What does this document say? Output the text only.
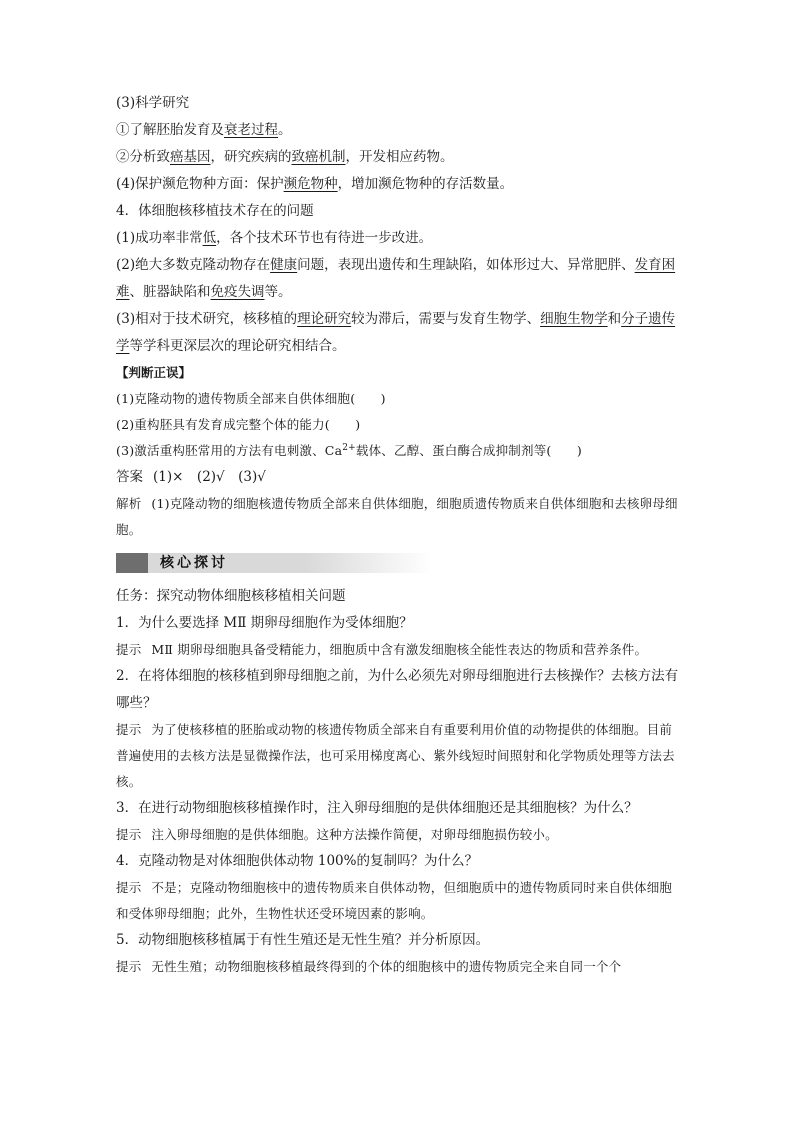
(3)科学研究
①了解胚胎发育及衰老过程。
②分析致癌基因，研究疾病的致癌机制，开发相应药物。
(4)保护濒危物种方面：保护濒危物种，增加濒危物种的存活数量。
4．体细胞核移植技术存在的问题
(1)成功率非常低，各个技术环节也有待进一步改进。
(2)绝大多数克隆动物存在健康问题，表现出遗传和生理缺陷，如体形过大、异常肥胖、发育困难、脏器缺陷和免疫失调等。
(3)相对于技术研究，核移植的理论研究较为滞后，需要与发育生物学、细胞生物学和分子遗传学等学科更深层次的理论研究相结合。
【判断正误】
(1)克隆动物的遗传物质全部来自供体细胞(　　)
(2)重构胚具有发育成完整个体的能力(　　)
(3)激活重构胚常用的方法有电刺激、$Ca^{2+}$载体、乙醇、蛋白酶合成抑制剂等(　　)
答案 (1)×　(2)√　(3)√
解析 (1)克隆动物的细胞核遗传物质全部来自供体细胞，细胞质遗传物质来自供体细胞和去核卵母细胞。
核心探讨
任务：探究动物体细胞核移植相关问题
1．为什么要选择 MⅡ 期卵母细胞作为受体细胞？
提示 MⅡ 期卵母细胞具备受精能力，细胞质中含有激发细胞核全能性表达的物质和营养条件。
2．在将体细胞的核移植到卵母细胞之前，为什么必须先对卵母细胞进行去核操作？去核方法有哪些？
提示 为了使核移植的胚胎或动物的核遗传物质全部来自有重要利用价值的动物提供的体细胞。目前普遍使用的去核方法是显微操作法，也可采用梯度离心、紫外线短时间照射和化学物质处理等方法去核。
3．在进行动物细胞核移植操作时，注入卵母细胞的是供体细胞还是其细胞核？为什么？
提示 注入卵母细胞的是供体细胞。这种方法操作简便，对卵母细胞损伤较小。
4．克隆动物是对体细胞供体动物 100%的复制吗？为什么？
提示 不是；克隆动物细胞核中的遗传物质来自供体动物，但细胞质中的遗传物质同时来自供体细胞和受体卵母细胞；此外，生物性状还受环境因素的影响。
5．动物细胞核移植属于有性生殖还是无性生殖？并分析原因。
提示 无性生殖；动物细胞核移植最终得到的个体的细胞核中的遗传物质完全来自同一个个
